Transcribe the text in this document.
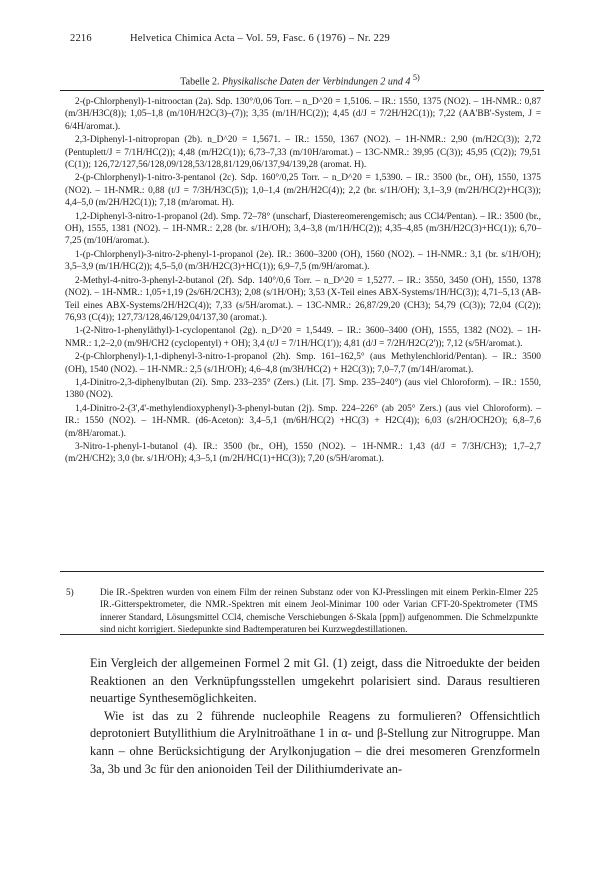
2216	Helvetica Chimica Acta – Vol. 59, Fasc. 6 (1976) – Nr. 229
Tabelle 2. Physikalische Daten der Verbindungen 2 und 4 $^{5)}$

2-(p-Chlorphenyl)-1-nitrooctan (2a). Sdp. 130°/0,06 Torr. – n_D^20 = 1,5106. – IR.: 1550, 1375 (NO2). – 1H-NMR.: 0,87 (m/3H/H3C(8)); 1,05–1,8 (m/10H/H2C(3)–(7)); 3,35 (m/1H/HC(2)); 4,45 (d/J = 7/2H/H2C(1)); 7,22 (AA'BB'-System, J = 6/4H/aromat.).

2,3-Diphenyl-1-nitropropan (2b). n_D^20 = 1,5671. – IR.: 1550, 1367 (NO2). – 1H-NMR.: 2,90 (m/H2C(3)); 2,72 (Pentuplett/J = 7/1H/HC(2)); 4,48 (m/H2C(1)); 6,73–7,33 (m/10H/aromat.) – 13C-NMR.: 39,95 (C(3)); 45,95 (C(2)); 79,51 (C(1)); 126,72/127,56/128,09/128,53/128,81/129,06/137,94/139,28 (aromat. H).

2-(p-Chlorphenyl)-1-nitro-3-pentanol (2c). Sdp. 160°/0,25 Torr. – n_D^20 = 1,5390. – IR.: 3500 (br., OH), 1550, 1375 (NO2). – 1H-NMR.: 0,88 (t/J = 7/3H/H3C(5)); 1,0–1,4 (m/2H/H2C(4)); 2,2 (br. s/1H/OH); 3,1–3,9 (m/2H/HC(2)+HC(3)); 4,4–5,0 (m/2H/H2C(1)); 7,18 (m/aromat. H).

1,2-Diphenyl-3-nitro-1-propanol (2d). Smp. 72–78° (unscharf, Diastereomerengemisch; aus CCl4/Pentan). – IR.: 3500 (br., OH), 1555, 1381 (NO2). – 1H-NMR.: 2,28 (br. s/1H/OH); 3,4–3,8 (m/1H/HC(2)); 4,35–4,85 (m/3H/H2C(3)+HC(1)); 6,70–7,25 (m/10H/aromat.).

1-(p-Chlorphenyl)-3-nitro-2-phenyl-1-propanol (2e). IR.: 3600–3200 (OH), 1560 (NO2). – 1H-NMR.: 3,1 (br. s/1H/OH); 3,5–3,9 (m/1H/HC(2)); 4,5–5,0 (m/3H/H2C(3)+HC(1)); 6,9–7,5 (m/9H/aromat.).

2-Methyl-4-nitro-3-phenyl-2-butanol (2f). Sdp. 140°/0,6 Torr. – n_D^20 = 1,5277. – IR.: 3550, 3450 (OH), 1550, 1378 (NO2). – 1H-NMR.: 1,05+1,19 (2s/6H/2CH3); 2,08 (s/1H/OH); 3,53 (X-Teil eines ABX-Systems/1H/HC(3)); 4,71–5,13 (AB-Teil eines ABX-Systems/2H/H2C(4)); 7,33 (s/5H/aromat.). – 13C-NMR.: 26,87/29,20 (CH3); 54,79 (C(3)); 72,04 (C(2)); 76,93 (C(4)); 127,73/128,46/129,04/137,30 (aromat.).

1-(2-Nitro-1-phenyläthyl)-1-cyclopentanol (2g). n_D^20 = 1,5449. – IR.: 3600–3400 (OH), 1555, 1382 (NO2). – 1H-NMR.: 1,2–2,0 (m/9H/CH2 (cyclopentyl) + OH); 3,4 (t/J = 7/1H/HC(1')); 4,81 (d/J = 7/2H/H2C(2')); 7,12 (s/5H/aromat.).

2-(p-Chlorphenyl)-1,1-diphenyl-3-nitro-1-propanol (2h). Smp. 161–162,5° (aus Methylenchlorid/Pentan). – IR.: 3500 (OH), 1540 (NO2). – 1H-NMR.: 2,5 (s/1H/OH); 4,6–4,8 (m/3H/HC(2) + H2C(3)); 7,0–7,7 (m/14H/aromat.).

1,4-Dinitro-2,3-diphenylbutan (2i). Smp. 233–235° (Zers.) (Lit. [7]. Smp. 235–240°) (aus viel Chloroform). – IR.: 1550, 1380 (NO2).

1,4-Dinitro-2-(3',4'-methylendioxyphenyl)-3-phenyl-butan (2j). Smp. 224–226° (ab 205° Zers.) (aus viel Chloroform). – IR.: 1550 (NO2). – 1H-NMR. (d6-Aceton): 3,4–5,1 (m/6H/HC(2) +HC(3) + H2C(4)); 6,03 (s/2H/OCH2O); 6,8–7,6 (m/8H/aromat.).

3-Nitro-1-phenyl-1-butanol (4). IR.: 3500 (br., OH), 1550 (NO2). – 1H-NMR.: 1,43 (d/J = 7/3H/CH3); 1,7–2,7 (m/2H/CH2); 3,0 (br. s/1H/OH); 4,3–5,1 (m/2H/HC(1)+HC(3)); 7,20 (s/5H/aromat.).

5)	Die IR.-Spektren wurden von einem Film der reinen Substanz oder von KJ-Presslingen mit einem Perkin-Elmer 225 IR.-Gitterspektrometer, die NMR.-Spektren mit einem Jeol-Minimar 100 oder Varian CFT-20-Spektrometer (TMS innerer Standard, Lösungsmittel CCl4, chemische Verschiebungen δ-Skala [ppm]) aufgenommen. Die Schmelzpunkte sind nicht korrigiert. Siedepunkte sind Badtemperaturen bei Kurzwegdestillationen.

Ein Vergleich der allgemeinen Formel 2 mit Gl. (1) zeigt, dass die Nitroedukte der beiden Reaktionen an den Verknüpfungsstellen umgekehrt polarisiert sind. Daraus resultieren neuartige Synthesemöglichkeiten.

Wie ist das zu 2 führende nucleophile Reagens zu formulieren? Offensichtlich deprotoniert Butyllithium die Arylnitroäthane 1 in α- und β-Stellung zur Nitrogruppe. Man kann – ohne Berücksichtigung der Arylkonjugation – die drei mesomeren Grenzformeln 3a, 3b und 3c für den anionoiden Teil der Dilithiumderivate an-
